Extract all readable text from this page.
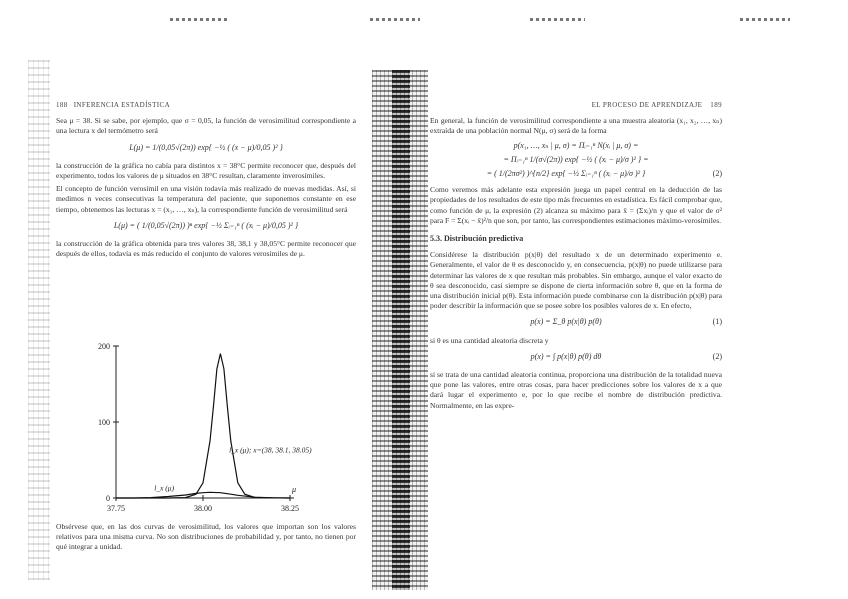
188 INFERENCIA ESTADÍSTICA

Sea μ = 38. Si se sabe, por ejemplo, que σ = 0,05, la función de verosimilitud correspondiente a una lectura x del termómetro será

L(μ) = 1/(0,05√(2π)) exp{ −½ ( (x − μ)/0,05 )² }

la construcción de la gráfica no cabía para distintos x = 38°C permite reconocer que, después del experimento, todos los valores de μ situados en 38°C resultan, claramente inverosímiles.

El concepto de función verosímil en una visión todavía más realizado de nuevas medidas. Así, si medimos n veces consecutivas la temperatura del paciente, que suponemos constante en ese tiempo, obtenemos las lecturas x = (x₁, …, xₙ), la correspondiente función de verosimilitud será

L(μ) = ( 1/(0,05√(2π)) )ⁿ exp{ −½ Σᵢ₌₁ⁿ ( (xᵢ − μ)/0,05 )² }

la construcción de la gráfica obtenida para tres valores 38, 38,1 y 38,05°C permite reconocer que después de ellos, todavía es más reducido el conjunto de valores verosímiles de μ.

0
100
200
37.75	38.00	38.25
μ
l_x (μ)
l_x (μ); x=(38, 38.1, 38.05)
Obsérvese que, en las dos curvas de verosimilitud, los valores que importan son los valores relativos para una misma curva. No son distribuciones de probabilidad y, por tanto, no tienen por qué integrar a unidad.
EL PROCESO DE APRENDIZAJE 189

En general, la función de verosimilitud correspondiente a una muestra aleatoria (x₁, x₂, …, xₙ) extraída de una población normal N(μ, σ) será de la forma

p(x₁, …, xₙ | μ, σ) = Πᵢ₌₁ⁿ N(xᵢ | μ, σ) =
= Πᵢ₌₁ⁿ 1/(σ√(2π)) exp{ −½ ( (xᵢ − μ)/σ )² } =
= ( 1/(2πσ²) )^{n/2} exp{ −½ Σᵢ₌₁ⁿ ( (xᵢ − μ)/σ )² }	(2)

Como veremos más adelante esta expresión juega un papel central en la deducción de las propiedades de los resultados de este tipo más frecuentes en estadística. Es fácil comprobar que, como función de μ, la expresión (2) alcanza su máximo para x̄ = (Σxᵢ)/n y que el valor de σ² para F = Σ(xᵢ − x̄)²/n que son, por tanto, las correspondientes estimaciones máximo-verosímiles.

5.3. Distribución predictiva

Considérese la distribución p(x|θ) del resultado x de un determinado experimento e. Generalmente, el valor de θ es desconocido y, en consecuencia, p(x|θ) no puede utilizarse para determinar las valores de x que resultan más probables. Sin embargo, aunque el valor exacto de θ sea desconocido, casi siempre se dispone de cierta información sobre θ, que en la forma de una distribución inicial p(θ). Esta información puede combinarse con la distribución p(x|θ) para poder describir la información que se posee sobre los posibles valores de x. En efecto,

p(x) = Σ_θ p(x|θ) p(θ)	(1)

si θ es una cantidad aleatoria discreta y

p(x) = ∫ p(x|θ) p(θ) dθ	(2)

si se trata de una cantidad aleatoria continua, proporciona una distribución de la totalidad nueva que pone las valores, entre otras cosas, para hacer predicciones sobre los valores de x a que dará lugar el experimento e, por lo que recibe el nombre de distribución predictiva. Normalmente, en las expre-
